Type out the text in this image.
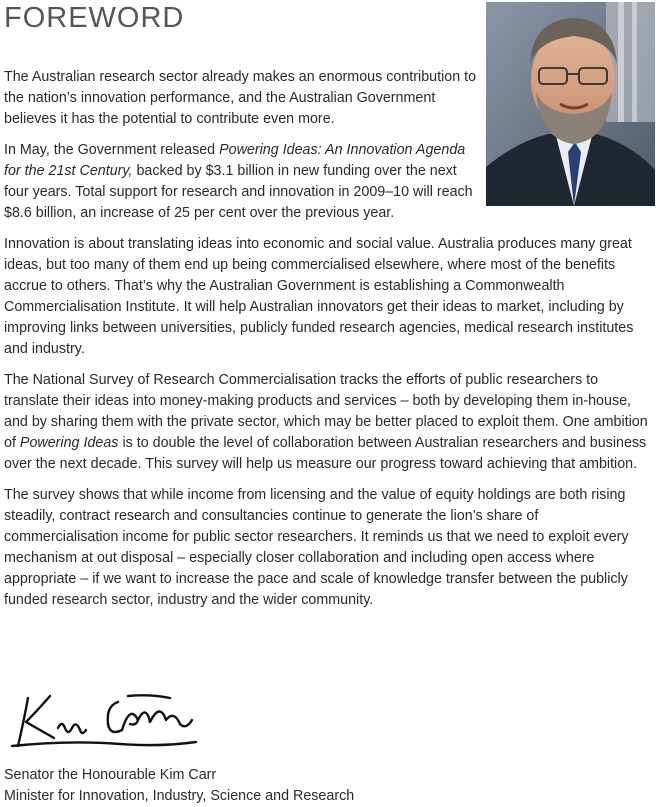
FOREWORD

The Australian research sector already makes an enormous contribution to the nation’s innovation performance, and the Australian Government believes it has the potential to contribute even more.

In May, the Government released Powering Ideas: An Innovation Agenda for the 21st Century, backed by $3.1 billion in new funding over the next four years. Total support for research and innovation in 2009–10 will reach $8.6 billion, an increase of 25 per cent over the previous year.

Innovation is about translating ideas into economic and social value. Australia produces many great ideas, but too many of them end up being commercialised elsewhere, where most of the benefits accrue to others. That’s why the Australian Government is establishing a Commonwealth Commercialisation Institute. It will help Australian innovators get their ideas to market, including by improving links between universities, publicly funded research agencies, medical research institutes and industry.

The National Survey of Research Commercialisation tracks the efforts of public researchers to translate their ideas into money-making products and services – both by developing them in-house, and by sharing them with the private sector, which may be better placed to exploit them. One ambition of Powering Ideas is to double the level of collaboration between Australian researchers and business over the next decade. This survey will help us measure our progress toward achieving that ambition.

The survey shows that while income from licensing and the value of equity holdings are both rising steadily, contract research and consultancies continue to generate the lion’s share of commercialisation income for public sector researchers. It reminds us that we need to exploit every mechanism at out disposal – especially closer collaboration and including open access where appropriate – if we want to increase the pace and scale of knowledge transfer between the publicly funded research sector, industry and the wider community.

Senator the Honourable Kim Carr
Minister for Innovation, Industry, Science and Research
